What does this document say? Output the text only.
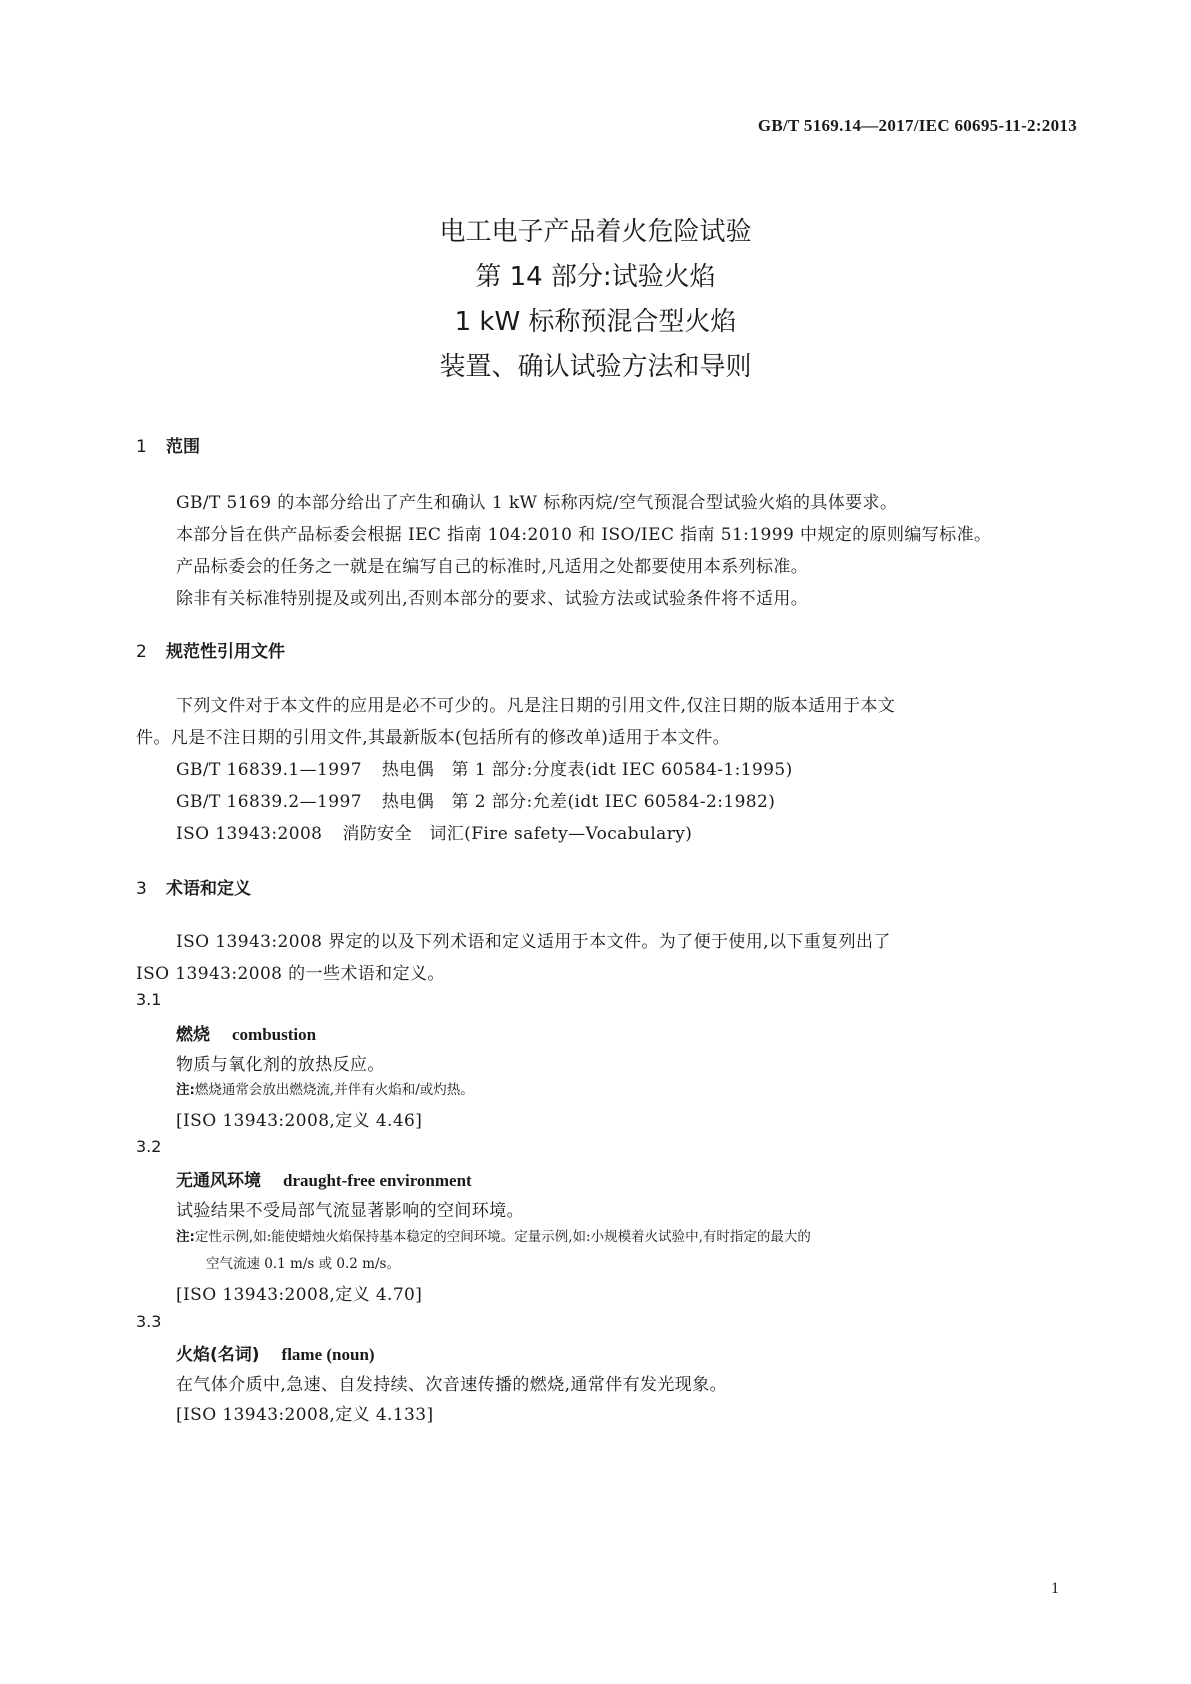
GB/T 5169.14—2017/IEC 60695-11-2:2013
电工电子产品着火危险试验
第 14 部分:试验火焰
1 kW 标称预混合型火焰
装置、确认试验方法和导则
1 范围
GB/T 5169 的本部分给出了产生和确认 1 kW 标称丙烷/空气预混合型试验火焰的具体要求。
本部分旨在供产品标委会根据 IEC 指南 104:2010 和 ISO/IEC 指南 51:1999 中规定的原则编写标准。
产品标委会的任务之一就是在编写自己的标准时,凡适用之处都要使用本系列标准。
除非有关标准特别提及或列出,否则本部分的要求、试验方法或试验条件将不适用。
2 规范性引用文件
下列文件对于本文件的应用是必不可少的。凡是注日期的引用文件,仅注日期的版本适用于本文
件。凡是不注日期的引用文件,其最新版本(包括所有的修改单)适用于本文件。
GB/T 16839.1—1997 热电偶　第 1 部分:分度表(idt IEC 60584-1:1995)
GB/T 16839.2—1997 热电偶　第 2 部分:允差(idt IEC 60584-2:1982)
ISO 13943:2008 消防安全　词汇(Fire safety—Vocabulary)
3 术语和定义
ISO 13943:2008 界定的以及下列术语和定义适用于本文件。为了便于使用,以下重复列出了
ISO 13943:2008 的一些术语和定义。
3.1
燃烧 combustion
物质与氧化剂的放热反应。
注:燃烧通常会放出燃烧流,并伴有火焰和/或灼热。
[ISO 13943:2008,定义 4.46]
3.2
无通风环境 draught-free environment
试验结果不受局部气流显著影响的空间环境。
注:定性示例,如:能使蜡烛火焰保持基本稳定的空间环境。定量示例,如:小规模着火试验中,有时指定的最大的
空气流速 0.1 m/s 或 0.2 m/s。
[ISO 13943:2008,定义 4.70]
3.3
火焰(名词) flame (noun)
在气体介质中,急速、自发持续、次音速传播的燃烧,通常伴有发光现象。
[ISO 13943:2008,定义 4.133]
1
